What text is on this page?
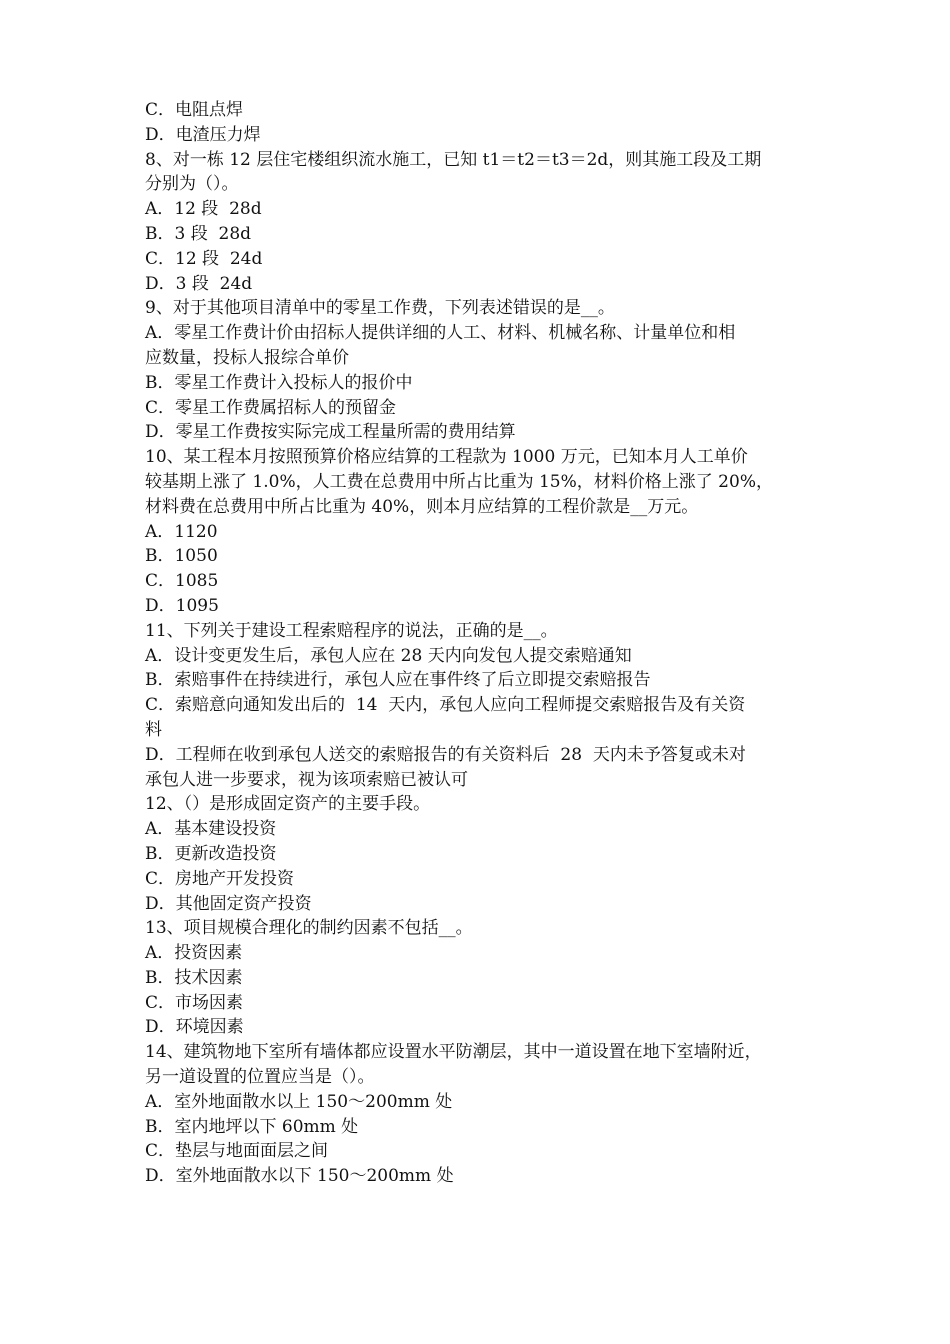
C．电阻点焊

D．电渣压力焊

8、对一栋 12 层住宅楼组织流水施工，已知 t1＝t2＝t3＝2d，则其施工段及工期

分别为（）。

A．12 段  28d

B．3 段  28d

C．12 段  24d

D．3 段  24d

9、对于其他项目清单中的零星工作费，下列表述错误的是__。

A．零星工作费计价由招标人提供详细的人工、材料、机械名称、计量单位和相

应数量，投标人报综合单价

B．零星工作费计入投标人的报价中

C．零星工作费属招标人的预留金

D．零星工作费按实际完成工程量所需的费用结算

10、某工程本月按照预算价格应结算的工程款为 1000 万元，已知本月人工单价

较基期上涨了 1.0%，人工费在总费用中所占比重为 15%，材料价格上涨了 20%，

材料费在总费用中所占比重为 40%，则本月应结算的工程价款是__万元。

A．1120

B．1050

C．1085

D．1095

11、下列关于建设工程索赔程序的说法，正确的是__。

A．设计变更发生后，承包人应在 28 天内向发包人提交索赔通知

B．索赔事件在持续进行，承包人应在事件终了后立即提交索赔报告

C．索赔意向通知发出后的  14  天内，承包人应向工程师提交索赔报告及有关资

料

D．工程师在收到承包人送交的索赔报告的有关资料后  28  天内未予答复或未对

承包人进一步要求，视为该项索赔已被认可

12、（）是形成固定资产的主要手段。

A．基本建设投资

B．更新改造投资

C．房地产开发投资

D．其他固定资产投资

13、项目规模合理化的制约因素不包括__。

A．投资因素

B．技术因素

C．市场因素

D．环境因素

14、建筑物地下室所有墙体都应设置水平防潮层，其中一道设置在地下室墙附近，

另一道设置的位置应当是（）。

A．室外地面散水以上 150～200mm 处

B．室内地坪以下 60mm 处

C．垫层与地面面层之间

D．室外地面散水以下 150～200mm 处
